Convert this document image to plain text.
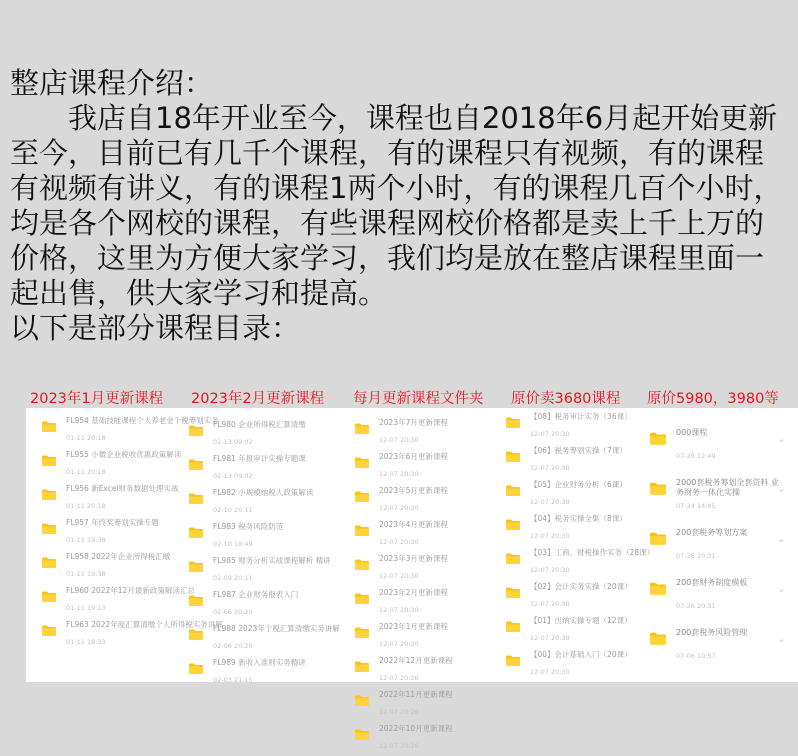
整店课程介绍：

我店自18年开业至今，课程也自2018年6月起开始更新至今，目前已有几千个课程，有的课程只有视频，有的课程有视频有讲义，有的课程1两个小时，有的课程几百个小时，均是各个网校的课程，有些课程网校价格都是卖上千上万的价格，这里为方便大家学习，我们均是放在整店课程里面一起出售，供大家学习和提高。

以下是部分课程目录：

2023年1月更新课程 2023年2月更新课程 每月更新课程文件夹 原价卖3680课程 原价5980，3980等
FL954 基础技能课程个人养老金个税筹划实务
01-11 20:18
FL955 小微企业税收优惠政策解读
01-11 20:18
FL956 新Excel财务数据处理实战
01-11 20:18
FL957 年终奖筹划实操专题
01-11 19:38
FL958 2022年企业所得税汇缴
01-11 19:38
FL960 2022年12月最新政策解读汇总
01-11 19:13
FL963 2022年度汇算清缴个人所得税实务讲解
01-11 18:33
FL980 企业所得税汇算清缴
02-13 09:02
FL981 年报审计实操专题课
02-13 09:02
FL982 小规模纳税人政策解读
02-10 20:11
FL983 税务风险防范
02-10 18:49
FL985 财务分析实战课程解析 精讲
02-09 20:11
FL987 企业财务报表入门
02-06 20:20
FL988 2023年个税汇算清缴实务讲解
02-06 20:20
FL989 新收入准则实务精讲
02-03 21:15
2023年7月更新课程
12-07 20:30
2023年6月更新课程
12-07 20:30
2023年5月更新课程
12-07 20:30
2023年4月更新课程
12-07 20:30
2023年3月更新课程
12-07 20:30
2023年2月更新课程
12-07 20:30
2023年1月更新课程
12-07 20:30
2022年12月更新课程
12-07 20:26
2022年11月更新课程
12-07 20:26
2022年10月更新课程
12-07 20:26
【08】税务审计实务（36课）
12-07 20:30
【06】税务筹划实操（7课）
12-07 20:30
【05】企业财务分析（6课）
12-07 20:30
【04】税务实操全集（8课）
12-07 20:30
【03】工商、财税操作实务（28课）
12-07 20:30
【02】会计实务实操（20课）
12-07 20:30
【01】出纳实操专题（12课）
12-07 20:30
【00】会计基础入门（20课）
12-07 20:30
000课程
07-26 12:49
⌄
2000套税务筹划全套资料 业务财务一体化实操
07-24 14:45
⌄
200套税务筹划方案
07-26 20:31
⌄
200套财务制度模板
07-26 20:31
⌄
200套税务风险管理
07-06 10:57
⌄
